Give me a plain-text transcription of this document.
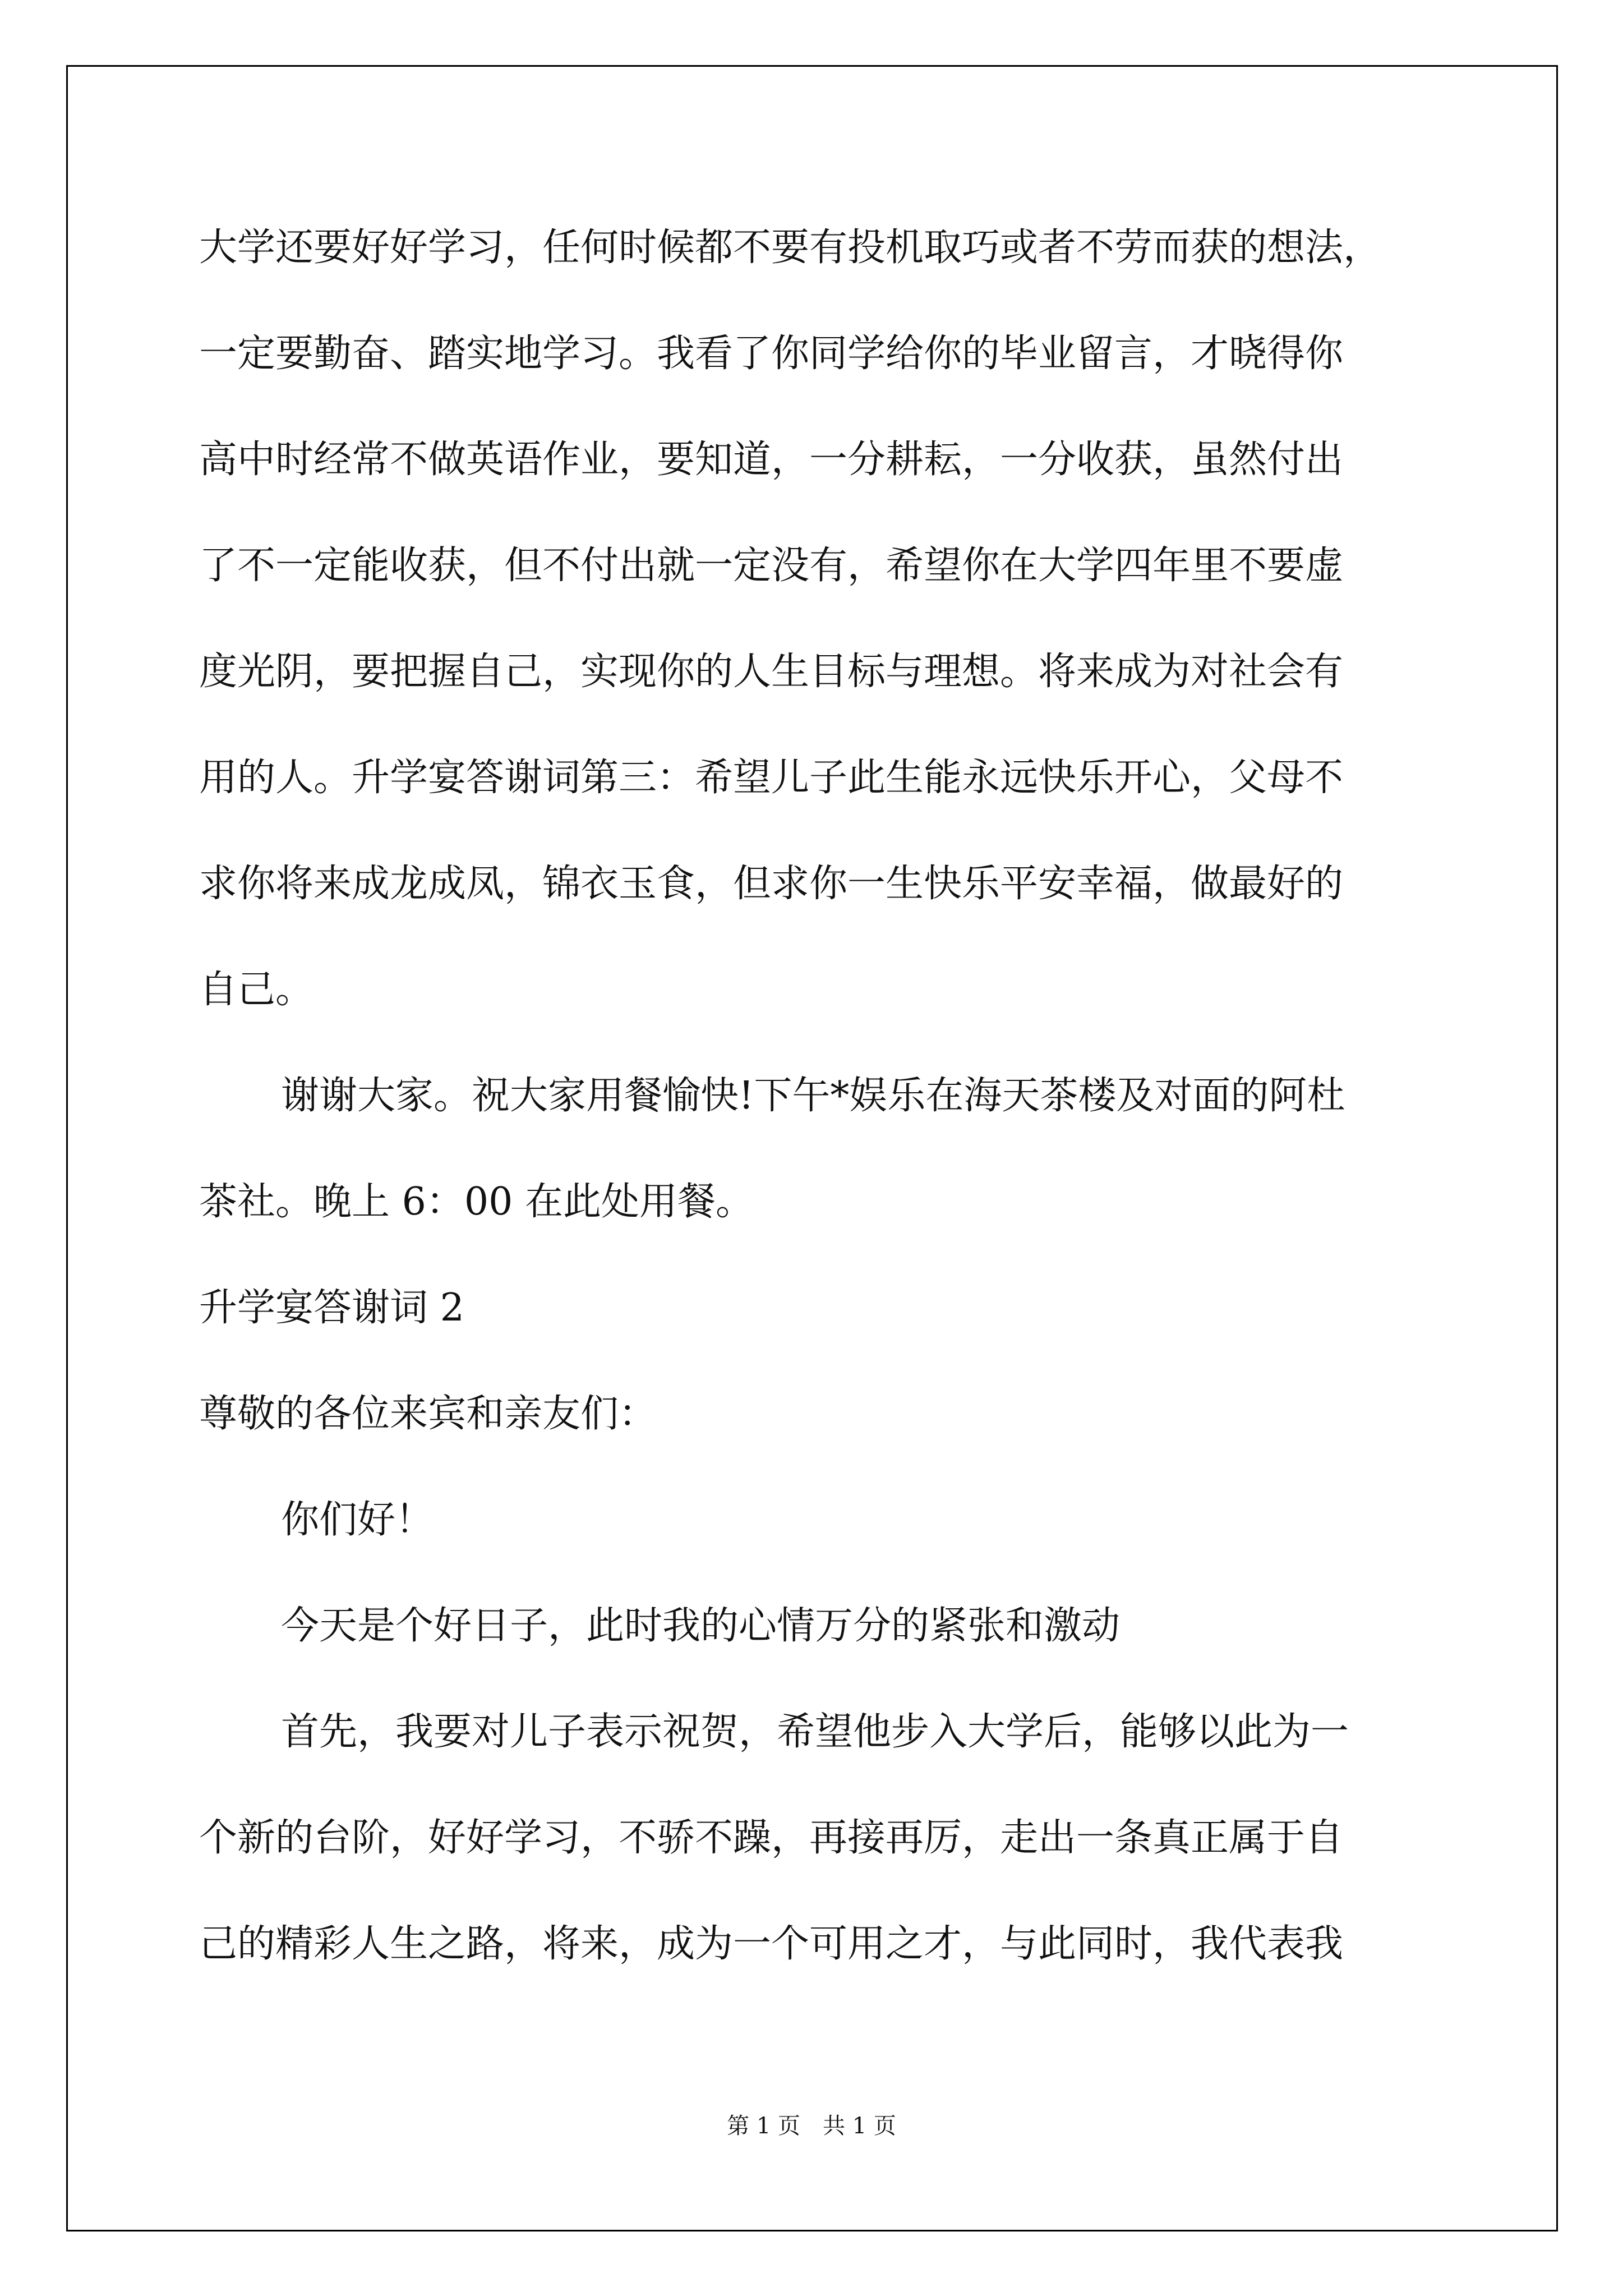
大学还要好好学习，任何时候都不要有投机取巧或者不劳而获的想法，
一定要勤奋、踏实地学习。我看了你同学给你的毕业留言，才晓得你
高中时经常不做英语作业，要知道，一分耕耘，一分收获，虽然付出
了不一定能收获，但不付出就一定没有，希望你在大学四年里不要虚
度光阴，要把握自己，实现你的人生目标与理想。将来成为对社会有
用的人。升学宴答谢词第三：希望儿子此生能永远快乐开心，父母不
求你将来成龙成凤，锦衣玉食，但求你一生快乐平安幸福，做最好的
自己。
谢谢大家。祝大家用餐愉快!下午*娱乐在海天茶楼及对面的阿杜
茶社。晚上 6：00 在此处用餐。
升学宴答谢词 2
尊敬的各位来宾和亲友们：
你们好！
今天是个好日子，此时我的心情万分的紧张和激动
首先，我要对儿子表示祝贺，希望他步入大学后，能够以此为一
个新的台阶，好好学习，不骄不躁，再接再厉，走出一条真正属于自
己的精彩人生之路，将来，成为一个可用之才，与此同时，我代表我
第 1 页　共 1 页
